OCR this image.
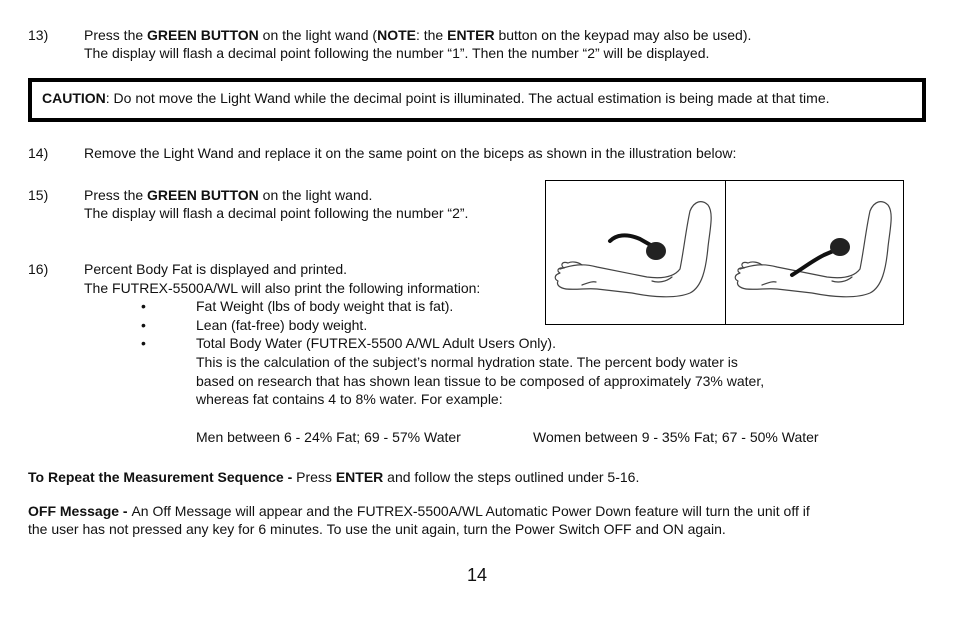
13)	Press the GREEN BUTTON on the light wand (NOTE: the ENTER button on the keypad may also be used).
The display will flash a decimal point following the number “1”. Then the number “2” will be displayed.
CAUTION: Do not move the Light Wand while the decimal point is illuminated. The actual estimation is being made at that time.
14)	Remove the Light Wand and replace it on the same point on the biceps as shown in the illustration below:
15)	Press the GREEN BUTTON on the light wand.
The display will flash a decimal point following the number “2”.
16)	Percent Body Fat is displayed and printed.
The FUTREX-5500A/WL will also print the following information:
•	Fat Weight (lbs of body weight that is fat).
•	Lean (fat-free) body weight.
•	Total Body Water (FUTREX-5500 A/WL Adult Users Only).
This is the calculation of the subject’s normal hydration state. The percent body water is
based on research that has shown lean tissue to be composed of approximately 73% water,
whereas fat contains 4 to 8% water. For example:
Men between 6 - 24% Fat; 69 - 57% Water	Women between 9 - 35% Fat; 67 - 50% Water
To Repeat the Measurement Sequence - Press ENTER and follow the steps outlined under 5-16.
OFF Message - An Off Message will appear and the FUTREX-5500A/WL Automatic Power Down feature will turn the unit off if
the user has not pressed any key for 6 minutes. To use the unit again, turn the Power Switch OFF and ON again.
14
